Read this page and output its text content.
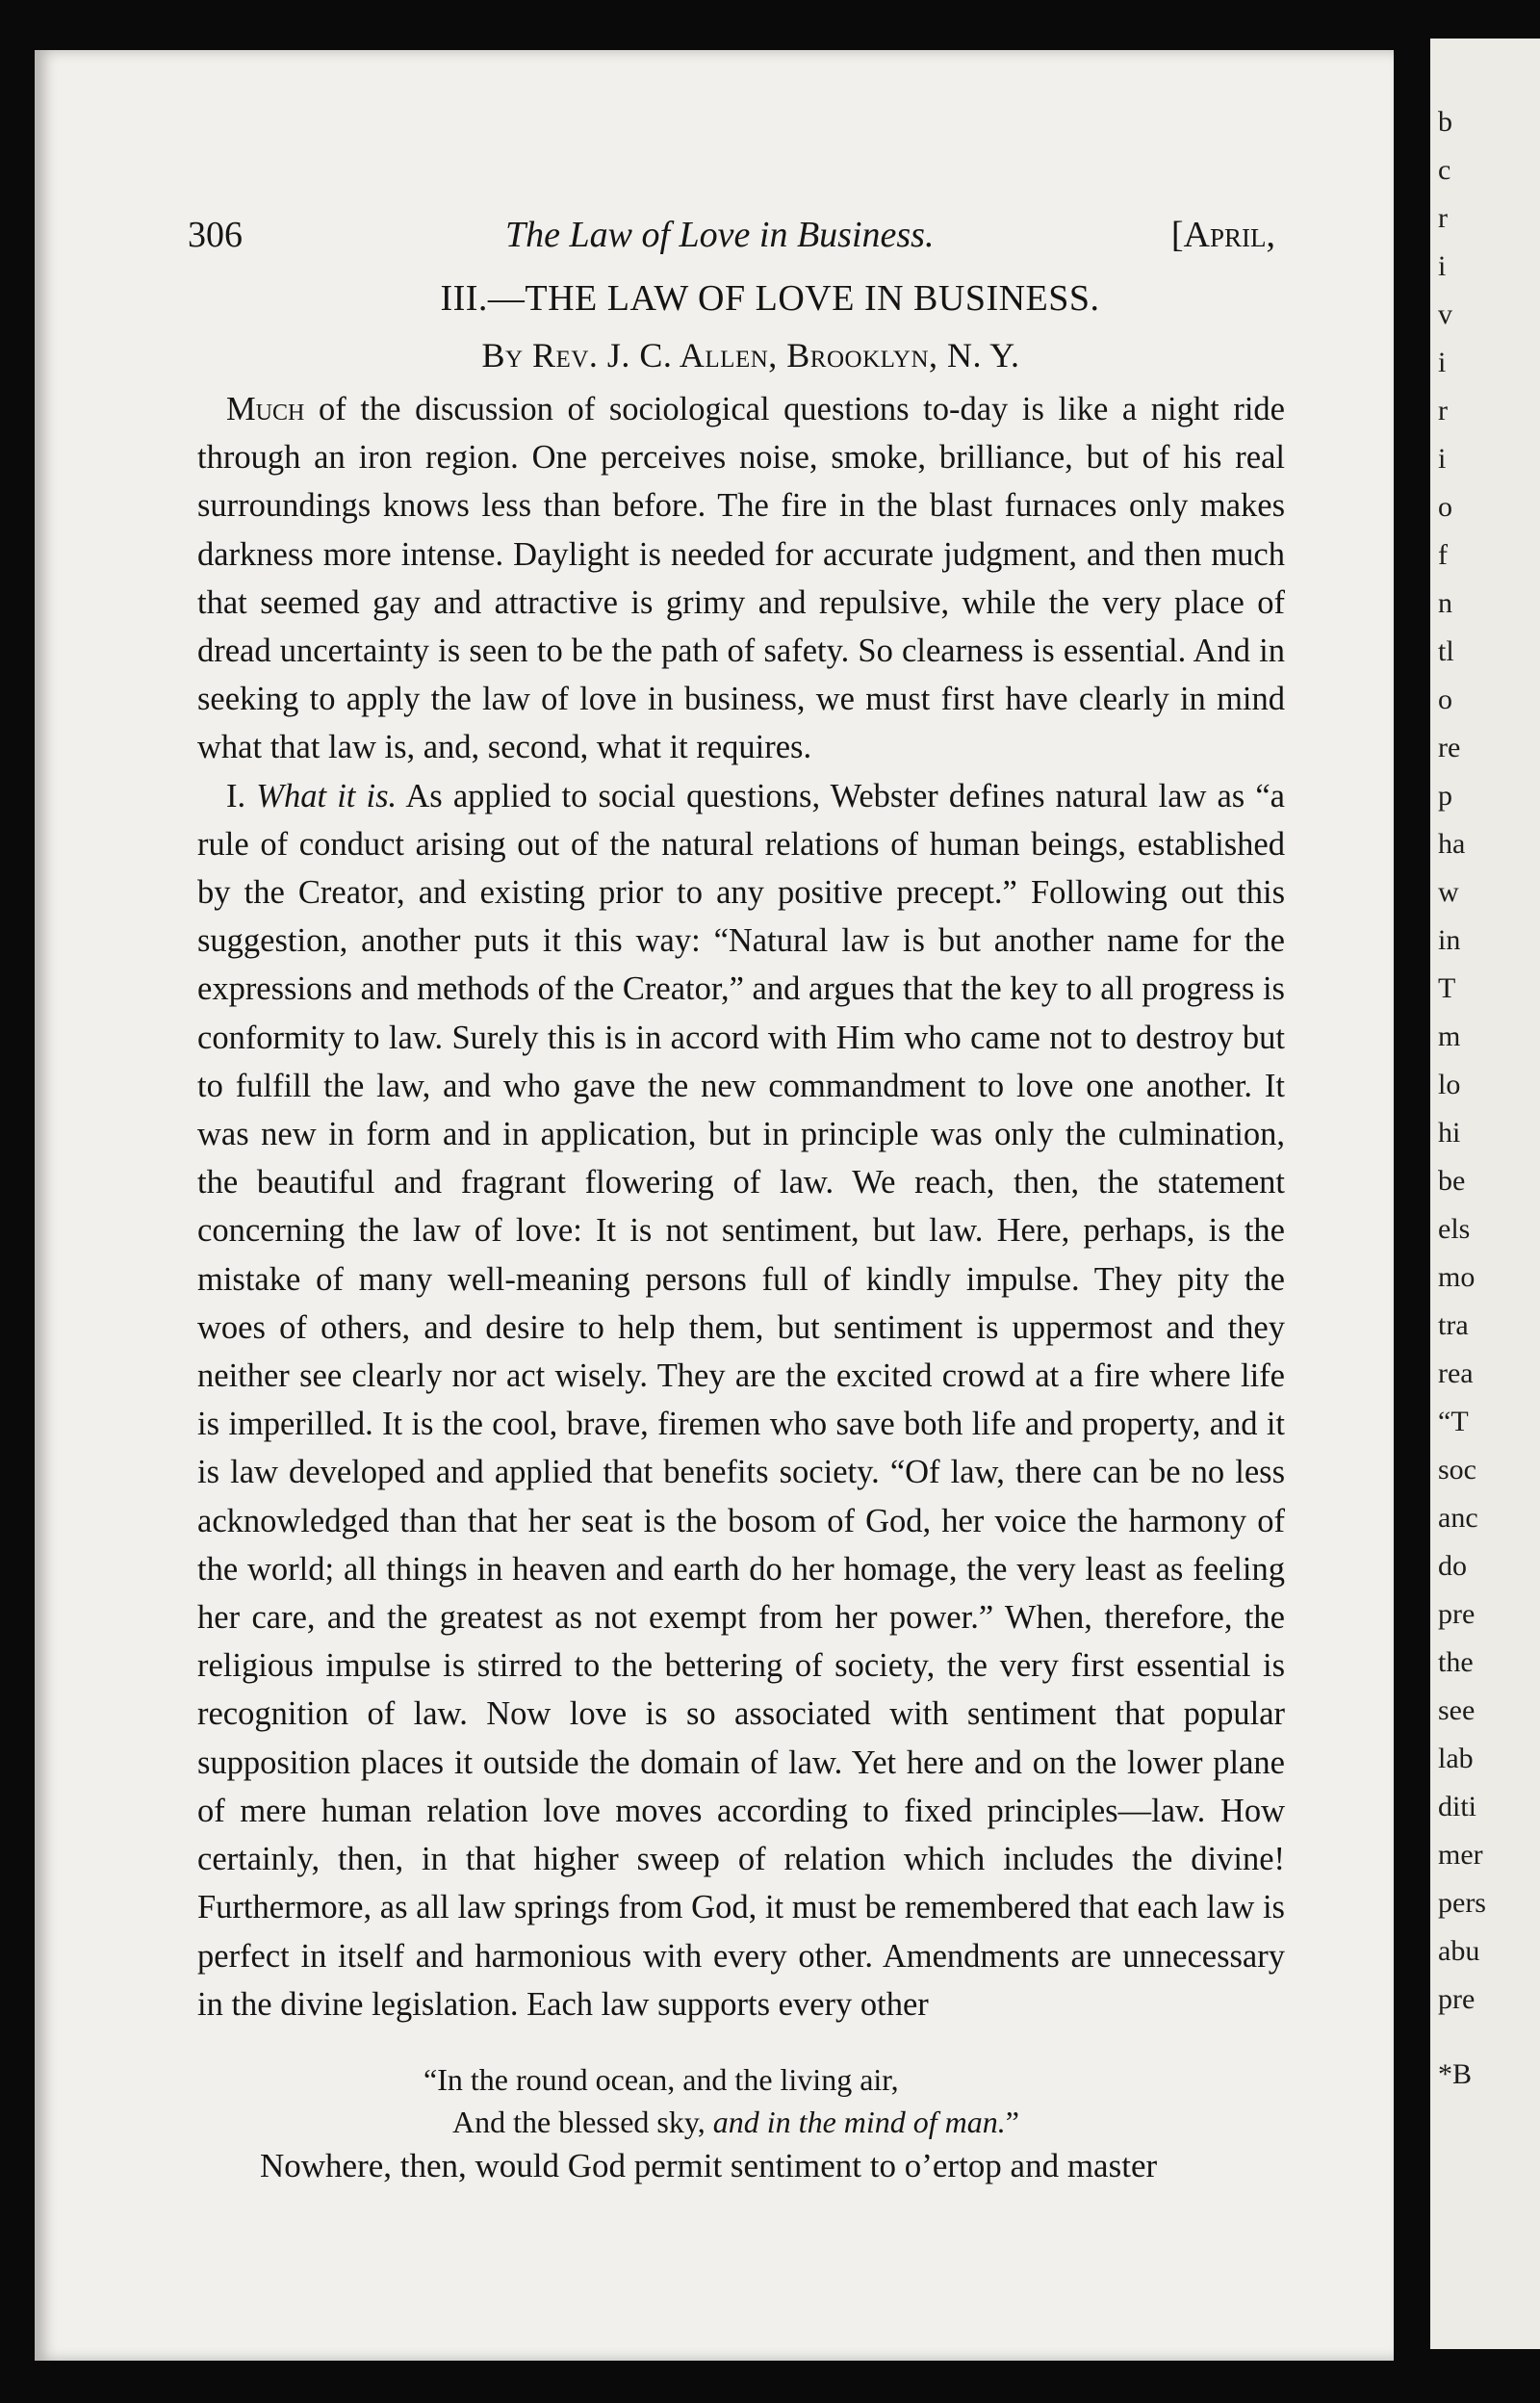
b
c
r
i
v
i
r
i
o
f
n
tl
o
re
p
ha
w
in
T
m
lo
hi
be
els
mo
tra
rea
“T
soc
anc
do
pre
the
see
lab
diti
mer
pers
abu
pre
*B
306	The Law of Love in Business.	[April,
III.—THE LAW OF LOVE IN BUSINESS.
By Rev. J. C. Allen, Brooklyn, N. Y.

Much of the discussion of sociological questions to-day is like a night ride through an iron region. One perceives noise, smoke, brilliance, but of his real surroundings knows less than before. The fire in the blast furnaces only makes darkness more intense. Daylight is needed for accurate judgment, and then much that seemed gay and attractive is grimy and repulsive, while the very place of dread uncertainty is seen to be the path of safety. So clearness is essential. And in seeking to apply the law of love in business, we must first have clearly in mind what that law is, and, second, what it requires.

I. What it is. As applied to social questions, Webster defines natural law as “a rule of conduct arising out of the natural relations of human beings, established by the Creator, and existing prior to any positive precept.” Following out this suggestion, another puts it this way: “Natural law is but another name for the expressions and methods of the Creator,” and argues that the key to all progress is conformity to law. Surely this is in accord with Him who came not to destroy but to fulfill the law, and who gave the new commandment to love one another. It was new in form and in application, but in principle was only the culmination, the beautiful and fragrant flowering of law. We reach, then, the statement concerning the law of love: It is not sentiment, but law. Here, perhaps, is the mistake of many well-meaning persons full of kindly impulse. They pity the woes of others, and desire to help them, but sentiment is uppermost and they neither see clearly nor act wisely. They are the excited crowd at a fire where life is imperilled. It is the cool, brave, firemen who save both life and property, and it is law developed and applied that benefits society. “Of law, there can be no less acknowledged than that her seat is the bosom of God, her voice the harmony of the world; all things in heaven and earth do her homage, the very least as feeling her care, and the greatest as not exempt from her power.” When, therefore, the religious impulse is stirred to the bettering of society, the very first essential is recognition of law. Now love is so associated with sentiment that popular supposition places it outside the domain of law. Yet here and on the lower plane of mere human relation love moves according to fixed principles—law. How certainly, then, in that higher sweep of relation which includes the divine! Furthermore, as all law springs from God, it must be remembered that each law is perfect in itself and harmonious with every other. Amendments are unnecessary in the divine legislation. Each law supports every other

“In the round ocean, and the living air,
And the blessed sky, and in the mind of man.”
Nowhere, then, would God permit sentiment to o’ertop and master
